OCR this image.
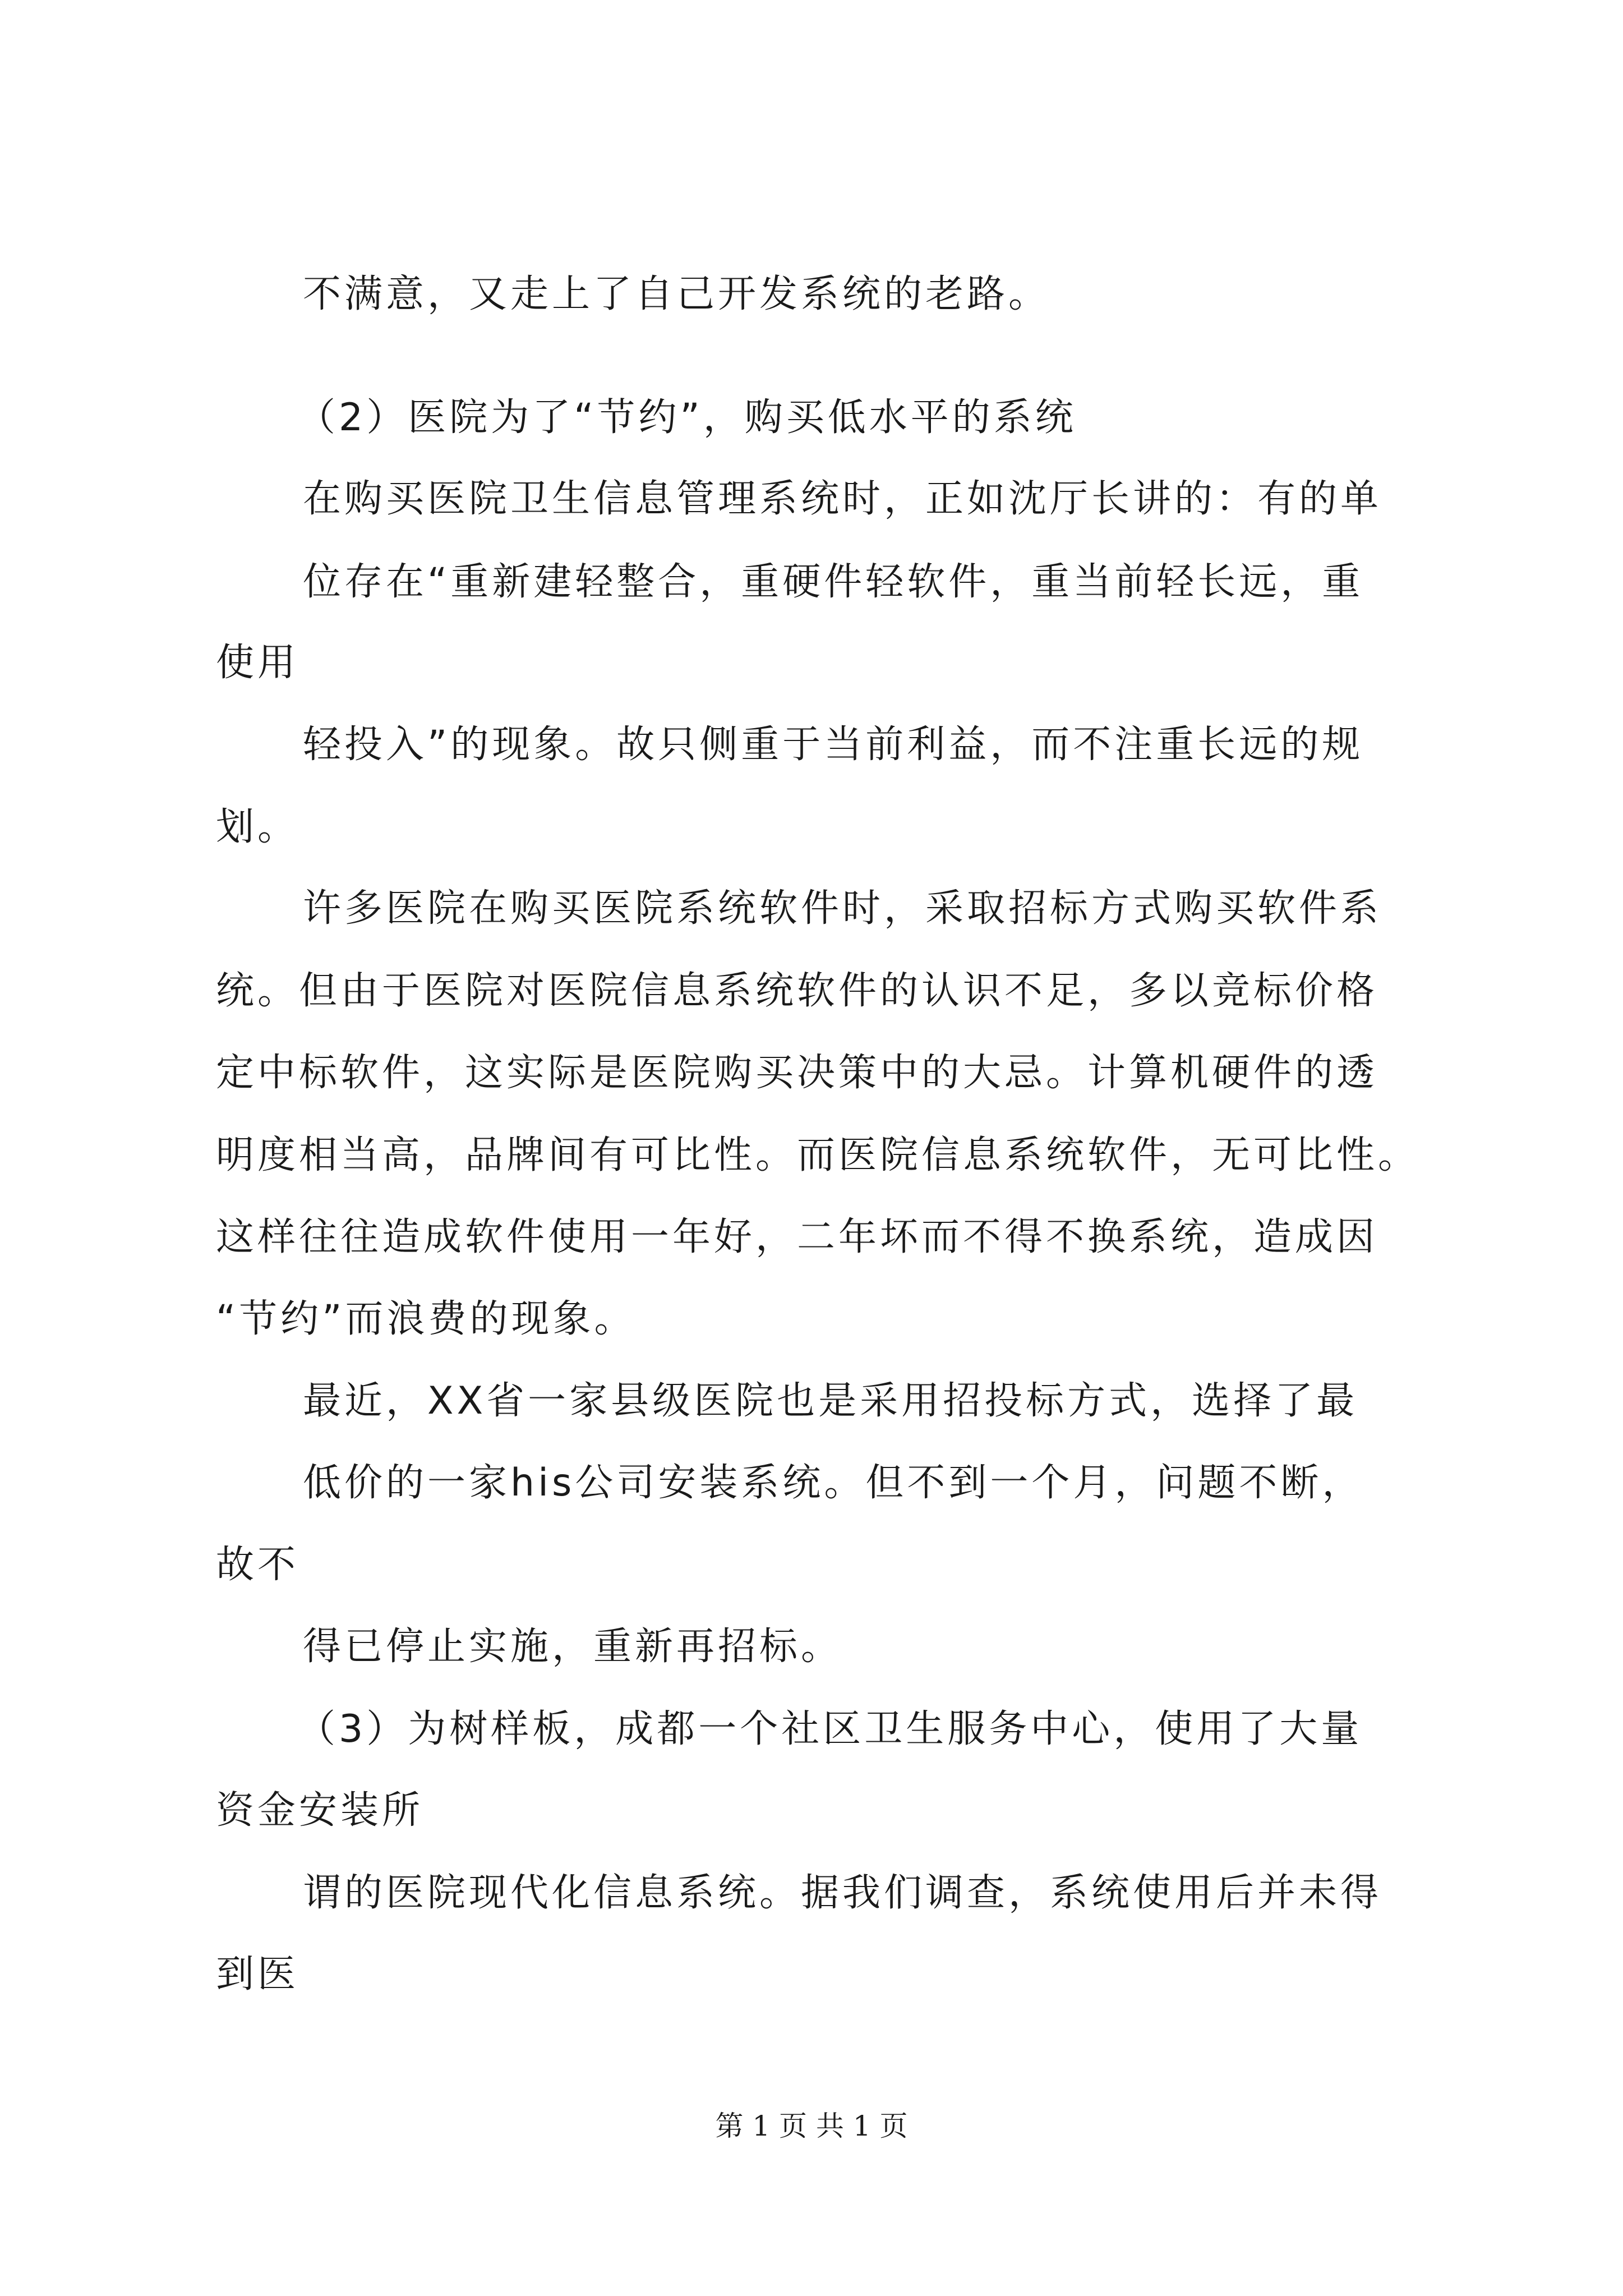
不满意，又走上了自己开发系统的老路。
（2）医院为了“节约”，购买低水平的系统
在购买医院卫生信息管理系统时，正如沈厅长讲的：有的单
位存在“重新建轻整合，重硬件轻软件，重当前轻长远，重
使用
轻投入”的现象。故只侧重于当前利益，而不注重长远的规
划。
许多医院在购买医院系统软件时，采取招标方式购买软件系
统。但由于医院对医院信息系统软件的认识不足，多以竞标价格
定中标软件，这实际是医院购买决策中的大忌。计算机硬件的透
明度相当高，品牌间有可比性。而医院信息系统软件，无可比性。
这样往往造成软件使用一年好，二年坏而不得不换系统，造成因
“节约”而浪费的现象。
最近，XX省一家县级医院也是采用招投标方式，选择了最
低价的一家his公司安装系统。但不到一个月，问题不断，
故不
得已停止实施，重新再招标。
（3）为树样板，成都一个社区卫生服务中心，使用了大量
资金安装所
谓的医院现代化信息系统。据我们调查，系统使用后并未得
到医
第 1 页 共 1 页
